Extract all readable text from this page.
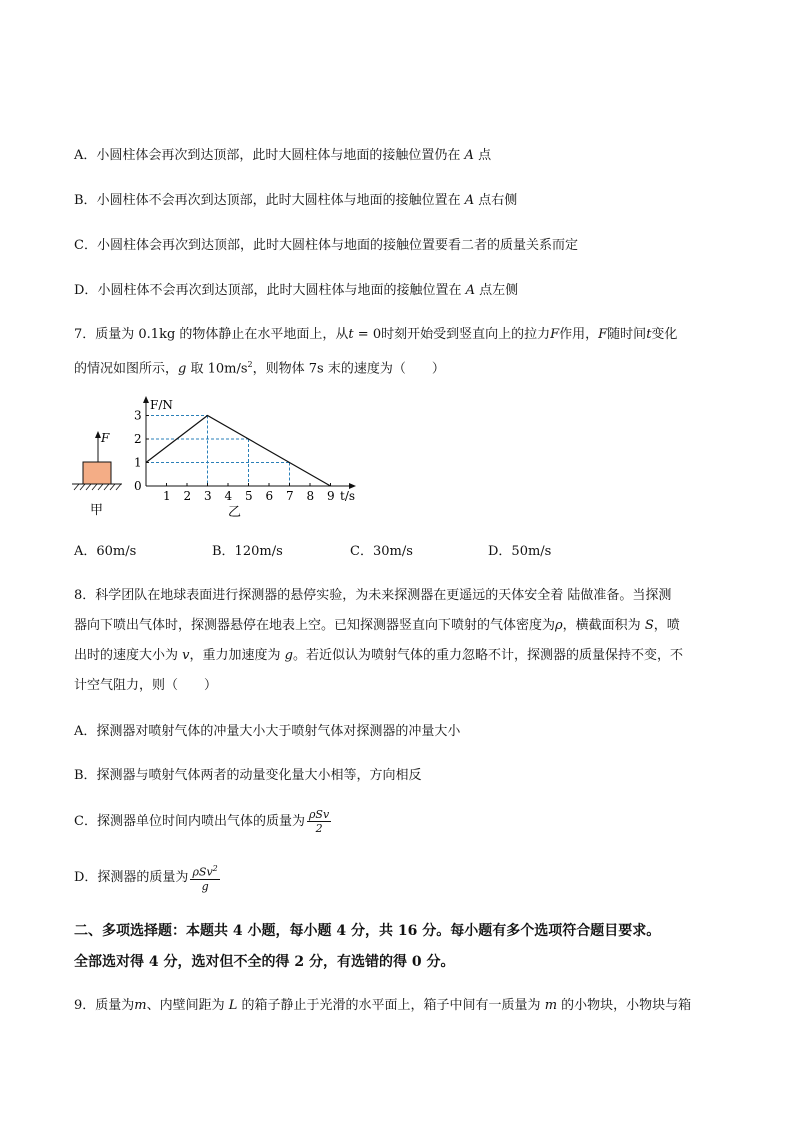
A．小圆柱体会再次到达顶部，此时大圆柱体与地面的接触位置仍在 A 点
B．小圆柱体不会再次到达顶部，此时大圆柱体与地面的接触位置在 A 点右侧
C．小圆柱体会再次到达顶部，此时大圆柱体与地面的接触位置要看二者的质量关系而定
D．小圆柱体不会再次到达顶部，此时大圆柱体与地面的接触位置在 A 点左侧
7．质量为 0.1kg 的物体静止在水平地面上，从t = 0时刻开始受到竖直向上的拉力F作用，F随时间t变化
的情况如图所示，g 取 $10m/s^2$，则物体 7s 末的速度为（　　）
F
甲
F/N
t/s
0
1 2 3 4 5 6 7 8 9
1
2
3
乙
A．60m/s	B．120m/s	C．30m/s	D．50m/s
8．科学团队在地球表面进行探测器的悬停实验，为未来探测器在更遥远的天体安全着 陆做准备。当探测
器向下喷出气体时，探测器悬停在地表上空。已知探测器竖直向下喷射的气体密度为ρ，横截面积为 S，喷
出时的速度大小为 v，重力加速度为 g。若近似认为喷射气体的重力忽略不计，探测器的质量保持不变，不
计空气阻力，则（　　）
A．探测器对喷射气体的冲量大小大于喷射气体对探测器的冲量大小
B．探测器与喷射气体两者的动量变化量大小相等，方向相反
C．探测器单位时间内喷出气体的质量为 $\frac{\text{ρSv}}{2}$
D．探测器的质量为 $\frac{\rho Sv^2}{g}$
二、多项选择题：本题共 4 小题，每小题 4 分，共 16 分。每小题有多个选项符合题目要求。
全部选对得 4 分，选对但不全的得 2 分，有选错的得 0 分。
9．质量为m、内壁间距为 L 的箱子静止于光滑的水平面上，箱子中间有一质量为 m 的小物块，小物块与箱
